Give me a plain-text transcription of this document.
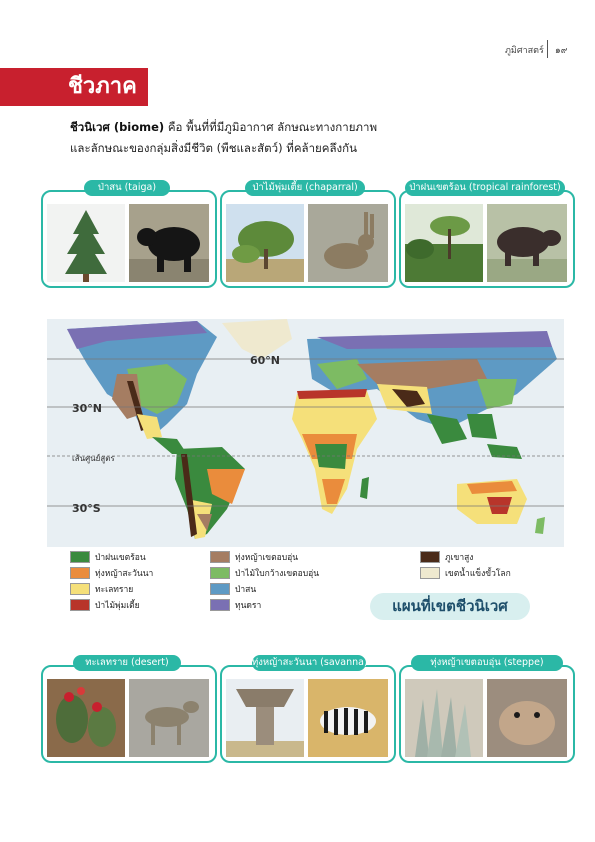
ภูมิศาสตร์ ๑๙
ชีวภาค
ชีวนิเวศ (biome) คือ พื้นที่ที่มีภูมิอากาศ ลักษณะทางกายภาพ
และลักษณะของกลุ่มสิ่งมีชีวิต (พืชและสัตว์) ที่คล้ายคลึงกัน
ป่าสน (taiga)	ป่าไม้พุ่มเตี้ย (chaparral)	ป่าฝนเขตร้อน (tropical rainforest)
60°N
30°N
เส้นศูนย์สูตร
30°S
ป่าฝนเขตร้อน
ทุ่งหญ้าสะวันนา
ทะเลทราย
ป่าไม้พุ่มเตี้ย
ทุ่งหญ้าเขตอบอุ่น
ป่าไม้ใบกว้างเขตอบอุ่น
ป่าสน
ทุนดรา
ภูเขาสูง
เขตน้ำแข็งขั้วโลก
แผนที่เขตชีวนิเวศ
ทะเลทราย (desert)	ทุ่งหญ้าสะวันนา (savanna)	ทุ่งหญ้าเขตอบอุ่น (steppe)
